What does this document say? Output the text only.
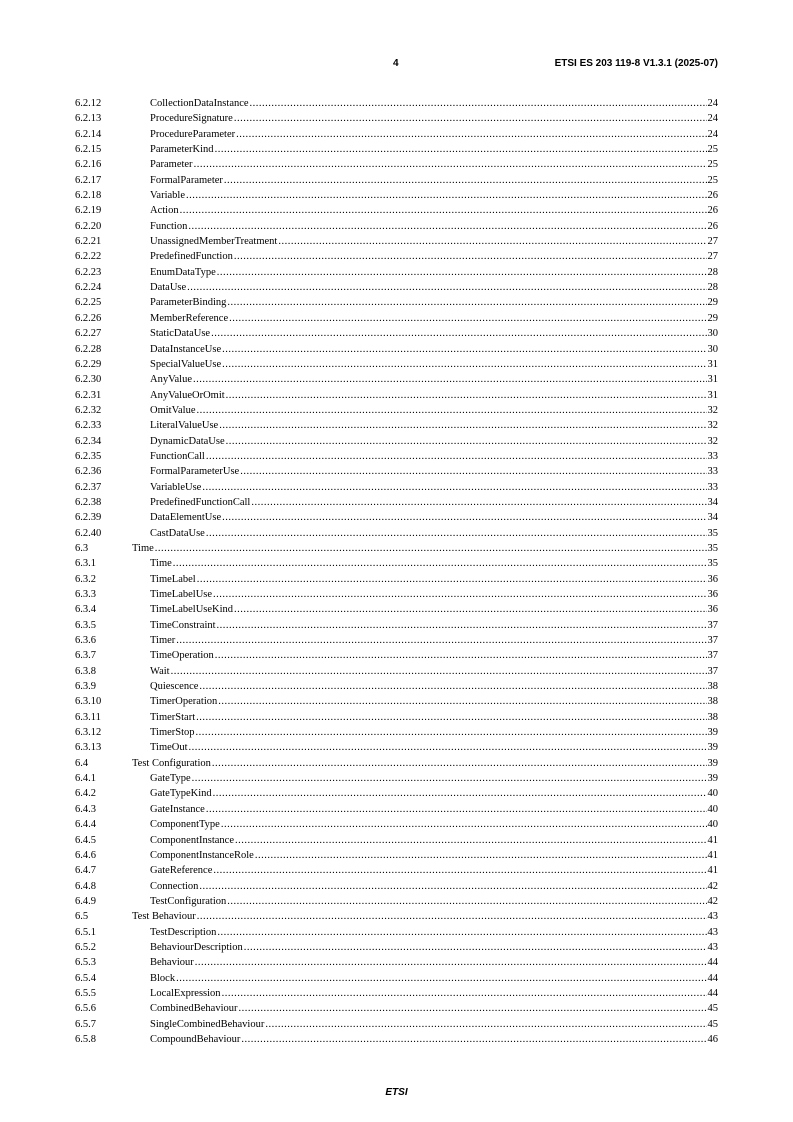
4	ETSI ES 203 119-8 V1.3.1 (2025-07)
6.2.12	CollectionDataInstance .....	24
6.2.13	ProcedureSignature .....	24
6.2.14	ProcedureParameter .....	24
6.2.15	ParameterKind .....	25
6.2.16	Parameter .....	25
6.2.17	FormalParameter .....	25
6.2.18	Variable .....	26
6.2.19	Action .....	26
6.2.20	Function .....	26
6.2.21	UnassignedMemberTreatment .....	27
6.2.22	PredefinedFunction .....	27
6.2.23	EnumDataType .....	28
6.2.24	DataUse .....	28
6.2.25	ParameterBinding .....	29
6.2.26	MemberReference .....	29
6.2.27	StaticDataUse .....	30
6.2.28	DataInstanceUse .....	30
6.2.29	SpecialValueUse .....	31
6.2.30	AnyValue .....	31
6.2.31	AnyValueOrOmit .....	31
6.2.32	OmitValue .....	32
6.2.33	LiteralValueUse .....	32
6.2.34	DynamicDataUse .....	32
6.2.35	FunctionCall .....	33
6.2.36	FormalParameterUse .....	33
6.2.37	VariableUse .....	33
6.2.38	PredefinedFunctionCall .....	34
6.2.39	DataElementUse .....	34
6.2.40	CastDataUse .....	35
6.3	Time .....	35
6.3.1	Time .....	35
6.3.2	TimeLabel .....	36
6.3.3	TimeLabelUse .....	36
6.3.4	TimeLabelUseKind .....	36
6.3.5	TimeConstraint .....	37
6.3.6	Timer .....	37
6.3.7	TimeOperation .....	37
6.3.8	Wait .....	37
6.3.9	Quiescence .....	38
6.3.10	TimerOperation .....	38
6.3.11	TimerStart .....	38
6.3.12	TimerStop .....	39
6.3.13	TimeOut .....	39
6.4	Test Configuration .....	39
6.4.1	GateType .....	39
6.4.2	GateTypeKind .....	40
6.4.3	GateInstance .....	40
6.4.4	ComponentType .....	40
6.4.5	ComponentInstance .....	41
6.4.6	ComponentInstanceRole .....	41
6.4.7	GateReference .....	41
6.4.8	Connection .....	42
6.4.9	TestConfiguration .....	42
6.5	Test Behaviour .....	43
6.5.1	TestDescription .....	43
6.5.2	BehaviourDescription .....	43
6.5.3	Behaviour .....	44
6.5.4	Block .....	44
6.5.5	LocalExpression .....	44
6.5.6	CombinedBehaviour .....	45
6.5.7	SingleCombinedBehaviour .....	45
6.5.8	CompoundBehaviour .....	46
ETSI
